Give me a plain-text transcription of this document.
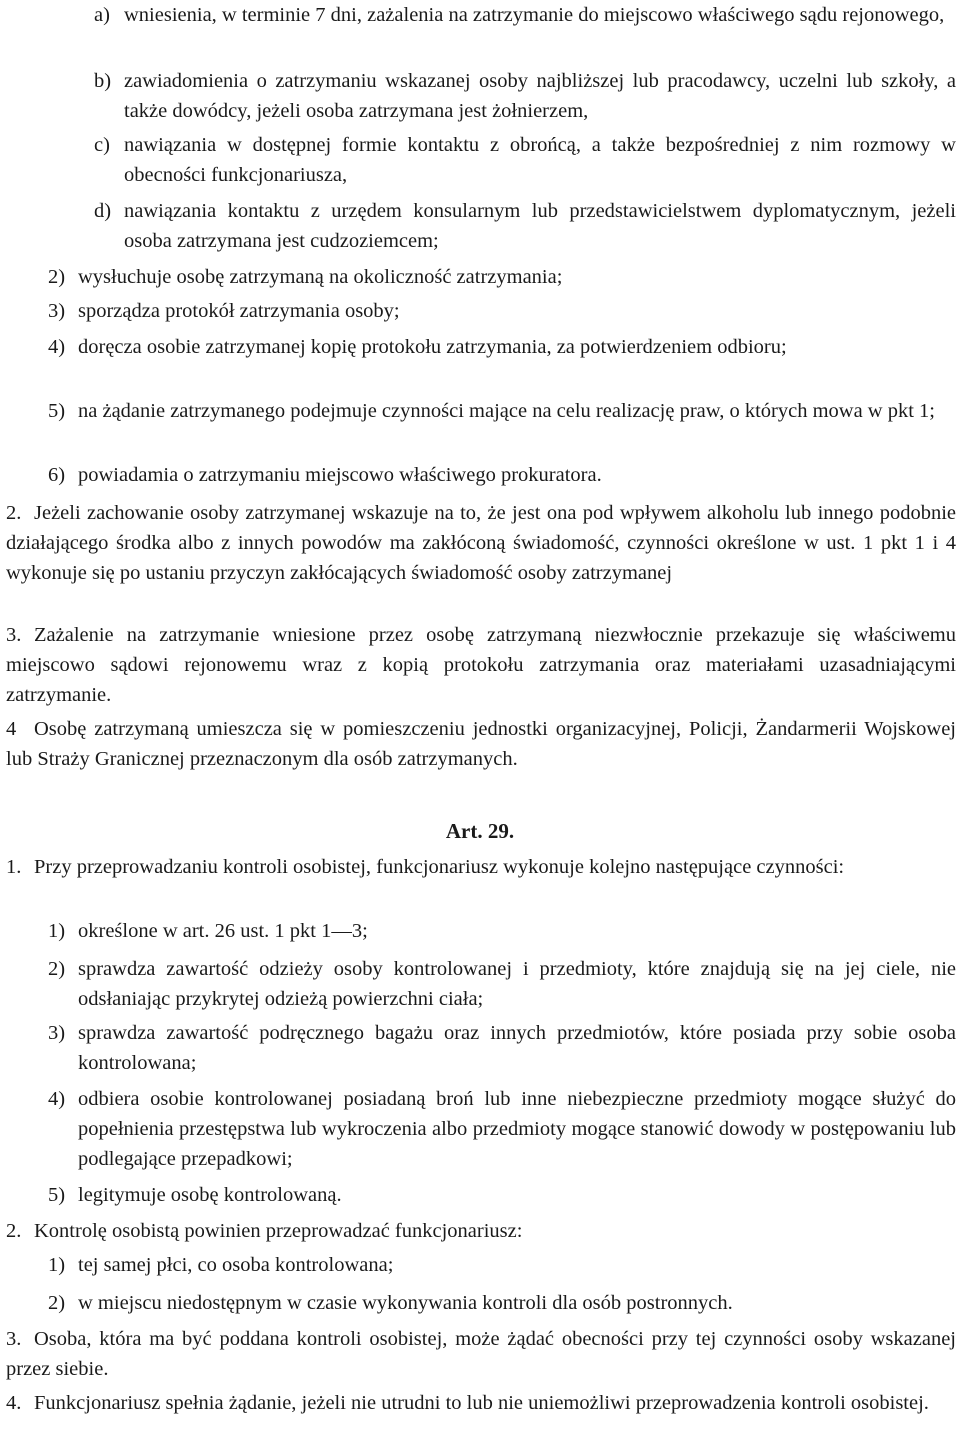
a) wniesienia, w terminie 7 dni, zażalenia na zatrzymanie do miejscowo właściwego sądu rejonowego,
b) zawiadomienia o zatrzymaniu wskazanej osoby najbliższej lub pracodawcy, uczelni lub szkoły, a także dowódcy, jeżeli osoba zatrzymana jest żołnierzem,
c) nawiązania w dostępnej formie kontaktu z obrońcą, a także bezpośredniej z nim rozmowy w obecności funkcjonariusza,
d) nawiązania kontaktu z urzędem konsularnym lub przedstawicielstwem dyplomatycznym, jeżeli osoba zatrzymana jest cudzoziemcem;
2) wysłuchuje osobę zatrzymaną na okoliczność zatrzymania;
3) sporządza protokół zatrzymania osoby;
4) doręcza osobie zatrzymanej kopię protokołu zatrzymania, za potwierdzeniem odbioru;
5) na żądanie zatrzymanego podejmuje czynności mające na celu realizację praw, o których mowa w pkt 1;
6) powiadamia o zatrzymaniu miejscowo właściwego prokuratora.
2. Jeżeli zachowanie osoby zatrzymanej wskazuje na to, że jest ona pod wpływem alkoholu lub innego podobnie działającego środka albo z innych powodów ma zakłóconą świadomość, czynności określone w ust. 1 pkt 1 i 4 wykonuje się po ustaniu przyczyn zakłócających świadomość osoby zatrzymanej
3. Zażalenie na zatrzymanie wniesione przez osobę zatrzymaną niezwłocznie przekazuje się właściwemu miejscowo sądowi rejonowemu wraz z kopią protokołu zatrzymania oraz materiałami uzasadniającymi zatrzymanie.
4 Osobę zatrzymaną umieszcza się w pomieszczeniu jednostki organizacyjnej, Policji, Żandarmerii Wojskowej lub Straży Granicznej przeznaczonym dla osób zatrzymanych.
Art. 29.
1. Przy przeprowadzaniu kontroli osobistej, funkcjonariusz wykonuje kolejno następujące czynności:
1) określone w art. 26 ust. 1 pkt 1—3;
2) sprawdza zawartość odzieży osoby kontrolowanej i przedmioty, które znajdują się na jej ciele, nie odsłaniając przykrytej odzieżą powierzchni ciała;
3) sprawdza zawartość podręcznego bagażu oraz innych przedmiotów, które posiada przy sobie osoba kontrolowana;
4) odbiera osobie kontrolowanej posiadaną broń lub inne niebezpieczne przedmioty mogące służyć do popełnienia przestępstwa lub wykroczenia albo przedmioty mogące stanowić dowody w postępowaniu lub podlegające przepadkowi;
5) legitymuje osobę kontrolowaną.
2. Kontrolę osobistą powinien przeprowadzać funkcjonariusz:
1) tej samej płci, co osoba kontrolowana;
2) w miejscu niedostępnym w czasie wykonywania kontroli dla osób postronnych.
3. Osoba, która ma być poddana kontroli osobistej, może żądać obecności przy tej czynności osoby wskazanej przez siebie.
4. Funkcjonariusz spełnia żądanie, jeżeli nie utrudni to lub nie uniemożliwi przeprowadzenia kontroli osobistej.
